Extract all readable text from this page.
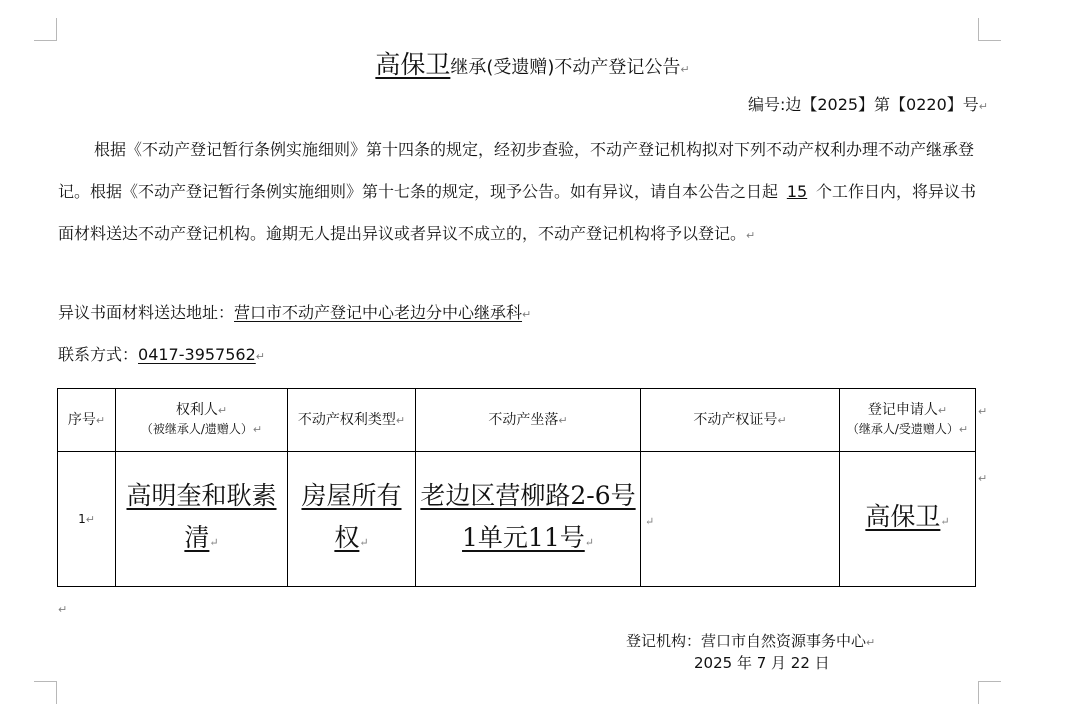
高保卫继承(受遗赠)不动产登记公告↵
编号:边【2025】第【0220】号↵

根据《不动产登记暂行条例实施细则》第十四条的规定，经初步查验，不动产登记机构拟对下列不动产权利办理不动产继承登记。根据《不动产登记暂行条例实施细则》第十七条的规定，现予公告。如有异议，请自本公告之日起 15 个工作日内，将异议书面材料送达不动产登记机构。逾期无人提出异议或者异议不成立的，不动产登记机构将予以登记。↵

异议书面材料送达地址：营口市不动产登记中心老边分中心继承科↵
联系方式：0417-3957562↵
序号↵	权利人↵
（被继承人/遗赠人）↵	不动产权利类型↵	不动产坐落↵	不动产权证号↵	登记申请人↵
（继承人/受遗赠人）↵

1↵	高明奎和耿素清↵	房屋所有权↵	老边区营柳路2-6号1单元11号↵	↵	高保卫↵
↵
↵
↵
登记机构：营口市自然资源事务中心↵
2025 年 7 月 22 日
